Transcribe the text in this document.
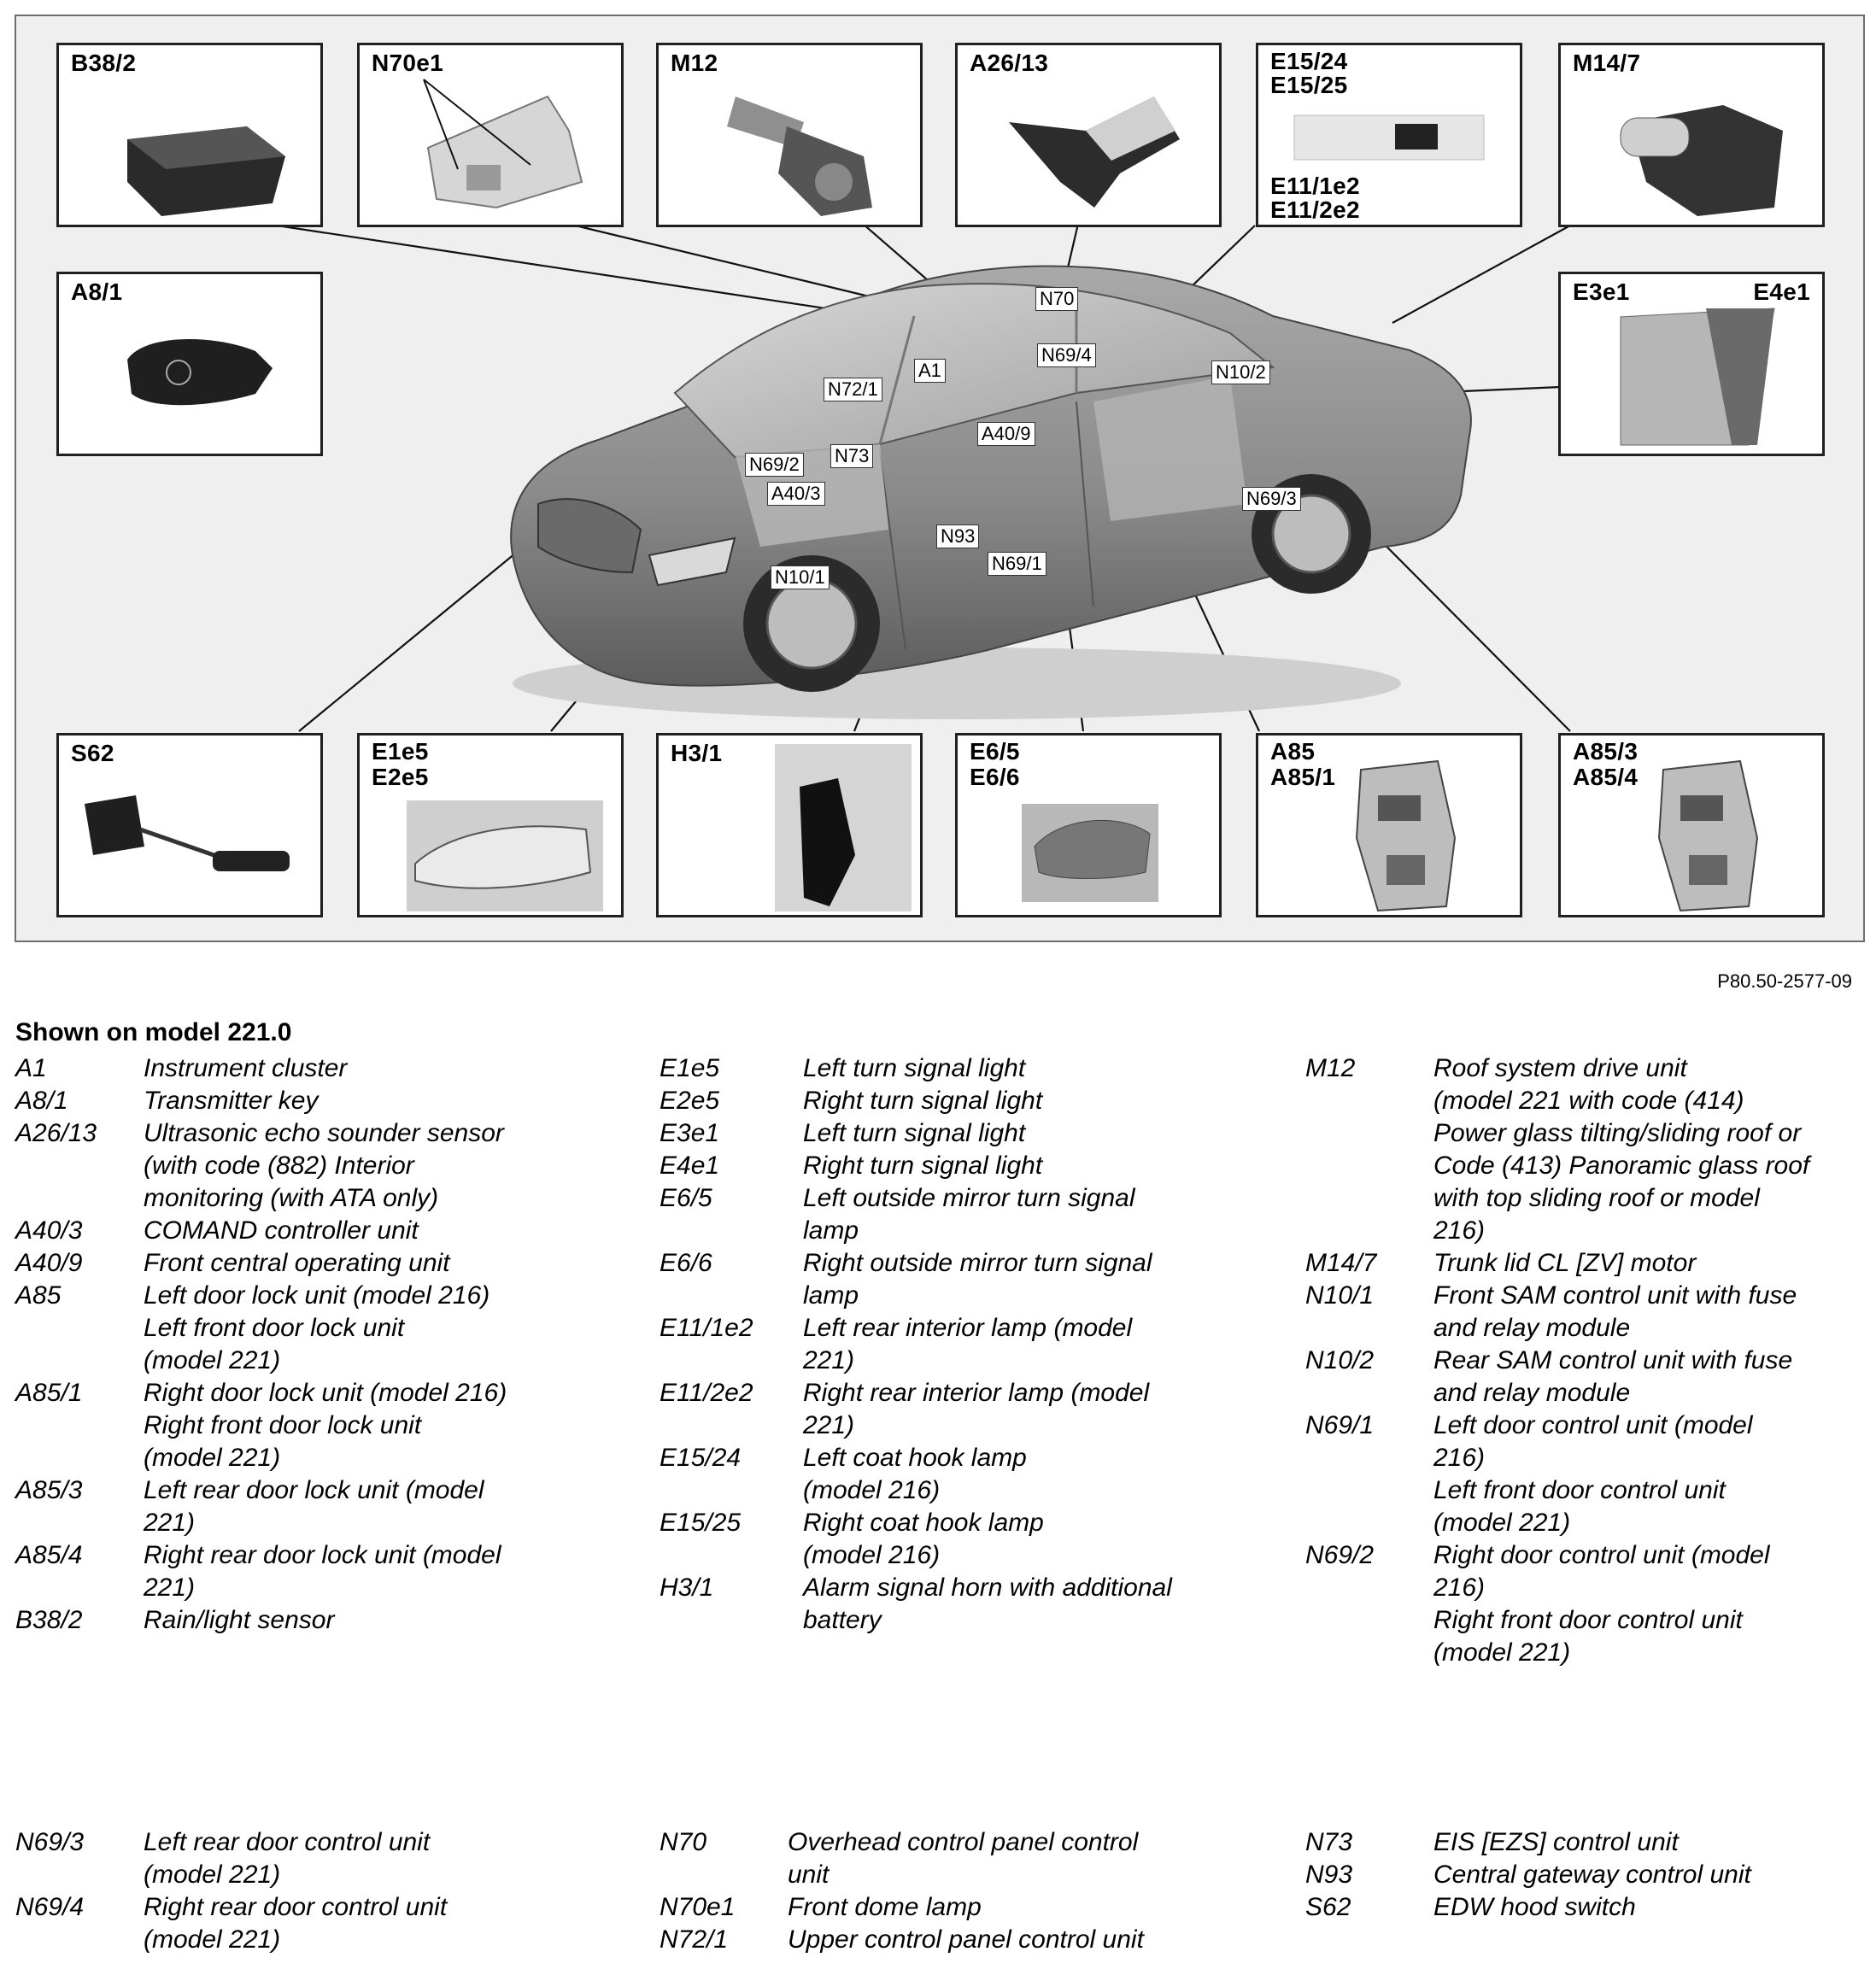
N70
N69/4
A1
N72/1
N10/2
A40/9
N73
N69/2
A40/3	N69/3
N93
N69/1
N10/1
B38/2	N70e1	M12	A26/13	E15/24
E15/25
E11/1e2
E11/2e2
M14/7
A8/1	E3e1	E4e1
S62	E1e5
E2e5
H3/1	E6/5
E6/6
A85
A85/1
A85/3
A85/4
P80.50-2577-09
Shown on model 221.0
A1	Instrument cluster
A8/1	Transmitter key
A26/13	Ultrasonic echo sounder sensor
(with code (882) Interior
monitoring (with ATA only)
A40/3	COMAND controller unit
A40/9	Front central operating unit
A85	Left door lock unit (model 216)
Left front door lock unit
(model 221)
A85/1	Right door lock unit (model 216)
Right front door lock unit
(model 221)
A85/3	Left rear door lock unit (model
221)
A85/4	Right rear door lock unit (model
221)
B38/2	Rain/light sensor
E1e5	Left turn signal light
E2e5	Right turn signal light
E3e1	Left turn signal light
E4e1	Right turn signal light
E6/5	Left outside mirror turn signal
lamp
E6/6	Right outside mirror turn signal
lamp
E11/1e2	Left rear interior lamp (model
221)
E11/2e2	Right rear interior lamp (model
221)
E15/24	Left coat hook lamp
(model 216)
E15/25	Right coat hook lamp
(model 216)
H3/1	Alarm signal horn with additional
battery
M12	Roof system drive unit
(model 221 with code (414)
Power glass tilting/sliding roof or
Code (413) Panoramic glass roof
with top sliding roof or model
216)
M14/7	Trunk lid CL [ZV] motor
N10/1	Front SAM control unit with fuse
and relay module
N10/2	Rear SAM control unit with fuse
and relay module
N69/1	Left door control unit (model
216)
Left front door control unit
(model 221)
N69/2	Right door control unit (model
216)
Right front door control unit
(model 221)
N69/3	Left rear door control unit
(model 221)
N69/4	Right rear door control unit
(model 221)
N70	Overhead control panel control
unit
N70e1	Front dome lamp
N72/1	Upper control panel control unit
N73	EIS [EZS] control unit
N93	Central gateway control unit
S62	EDW hood switch
